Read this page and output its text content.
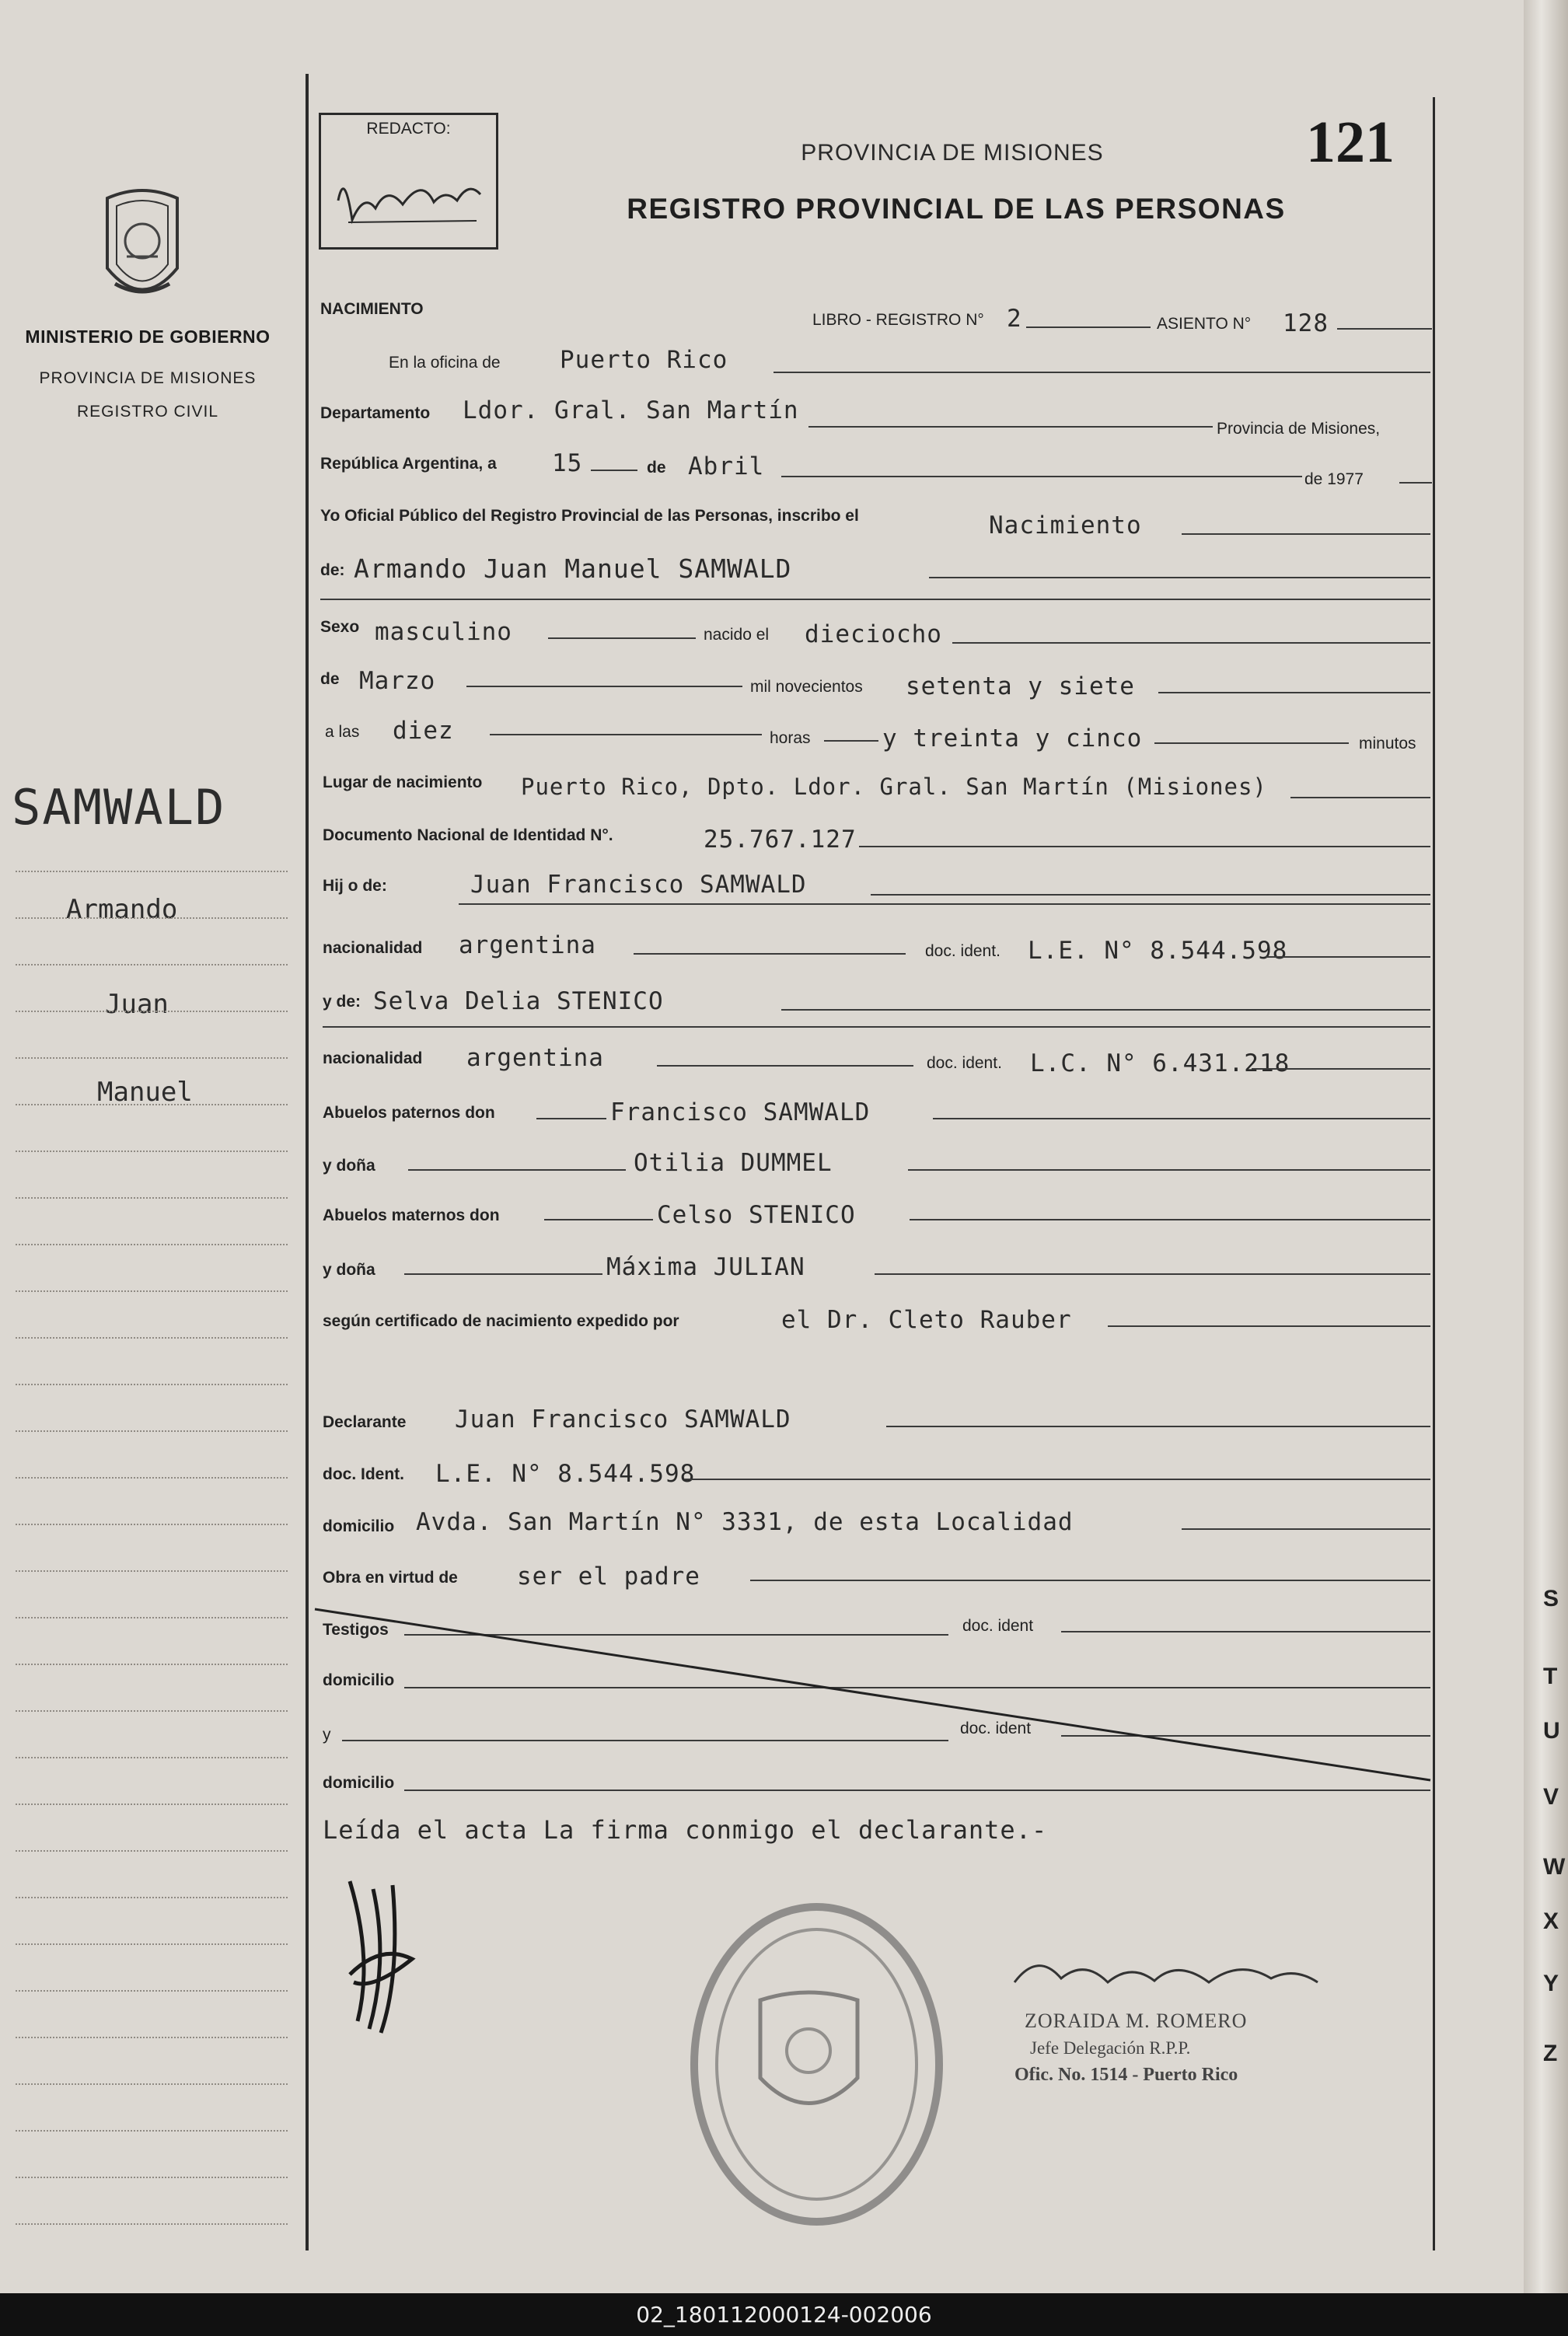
MINISTERIO DE GOBIERNO
PROVINCIA DE MISIONES
REGISTRO CIVIL
SAMWALD
Armando
Juan
Manuel
REDACTO:	121
PROVINCIA DE MISIONES
REGISTRO PROVINCIAL DE LAS PERSONAS
NACIMIENTO
LIBRO - REGISTRO N° 2	ASIENTO N° 128
En la oficina de Puerto Rico
Departamento Ldor. Gral. San Martín
Provincia de Misiones,
República Argentina, a 15	de Abril	de 1977
Yo Oficial Público del Registro Provincial de las Personas, inscribo el	Nacimiento
de: Armando Juan Manuel SAMWALD
Sexo masculino	nacido el dieciocho
de Marzo	mil novecientos setenta y siete
a las diez	horas	y treinta y cinco	minutos
Lugar de nacimiento Puerto Rico, Dpto. Ldor. Gral. San Martín (Misiones)
Documento Nacional de Identidad N°.	25.767.127
Hij o de:	Juan Francisco SAMWALD
nacionalidad argentina	doc. ident. L.E. N° 8.544.598
y de: Selva Delia STENICO
nacionalidad argentina	doc. ident. L.C. N° 6.431.218
Abuelos paternos don	Francisco SAMWALD
y doña	Otilia DUMMEL
Abuelos maternos don	Celso STENICO
y doña	Máxima JULIAN
según certificado de nacimiento expedido por	el Dr. Cleto Rauber
Declarante Juan Francisco SAMWALD
doc. Ident. L.E. N° 8.544.598
domicilio Avda. San Martín N° 3331, de esta Localidad
Obra en virtud de ser el padre
Testigos	doc. ident
domicilio
y	doc. ident
domicilio
Leída el acta La firma conmigo el declarante.-
ZORAIDA M. ROMERO
Jefe Delegación R.P.P.
Ofic. No. 1514 - Puerto Rico
S
T
U
V
W
X
Y
Z
02_180112000124-002006
